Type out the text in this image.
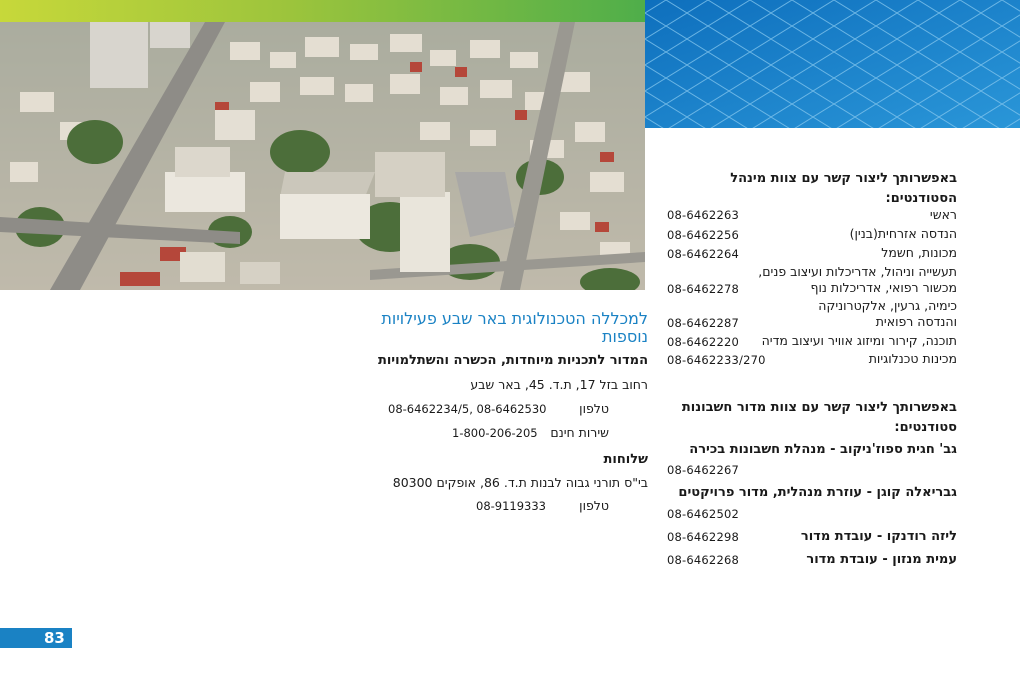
למכללה הטכנולוגית באר שבע פעילויות
נוספות
המדור לתכניות מיוחדות, הכשרה והשתלמויות
רחוב בזל 17, ת.ד. 45, באר שבע
טלפון
08-6462234/5, 08-6462530
שירות חינם
1-800-206-205
שלוחות
בי"ס תורני גבוה לבנות ת.ד. 86, אופקים 80300
טלפון
08-9119333
באפשרותך ליצור קשר עם צוות מינהל
הסטודנטים:
ראשי
08-6462263
הנדסה אזרחית(בנין)
08-6462256
מכונות, חשמל
08-6462264
תעשייה וניהול, אדריכלות ועיצוב פנים,
מכשור רפואי, אדריכלות נוף
08-6462278
כימיה, גרעין, אלקטרוניקה
והנדסה רפואית
08-6462287
תוכנה, קירור ומיזוג אוויר ועיצוב מדיה
08-6462220
מכינות טכנלוגיות
08-6462233/270
באפשרותך ליצור קשר עם צוות מדור חשבונות
סטודנטים:
גב' חגית ספוז'ניקוב - מנהלת חשבונות בכירה
08-6462267
גבריאלה קוגן - עוזרת מנהלית, מדור פרויקטים
08-6462502
ליזה רודנקו - עובדת מדור
08-6462298
עמית מנזון - עובדת מדור
08-6462268
83
